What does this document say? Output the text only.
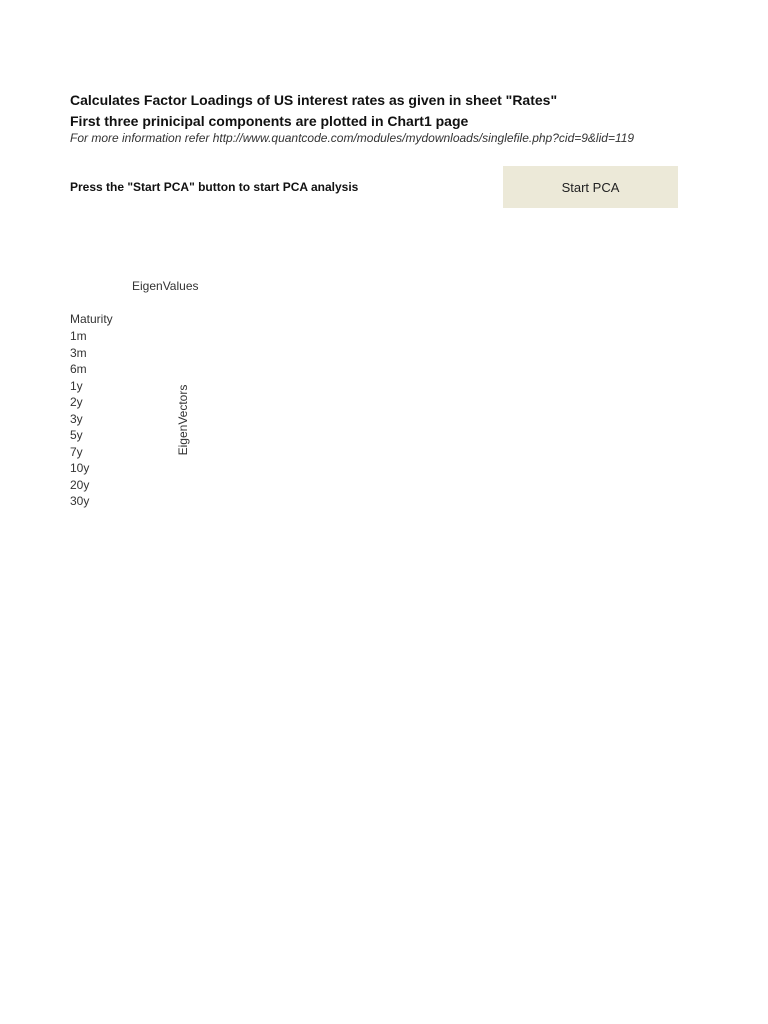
Calculates Factor Loadings of US interest rates as given in sheet "Rates"
First three prinicipal components are plotted in Chart1 page
For more information refer http://www.quantcode.com/modules/mydownloads/singlefile.php?cid=9&lid=119
Press the "Start PCA" button to start PCA analysis	Start PCA
EigenValues
Maturity
1m
3m
6m
1y
2y
3y
5y
7y
10y
20y
30y
EigenVectors
